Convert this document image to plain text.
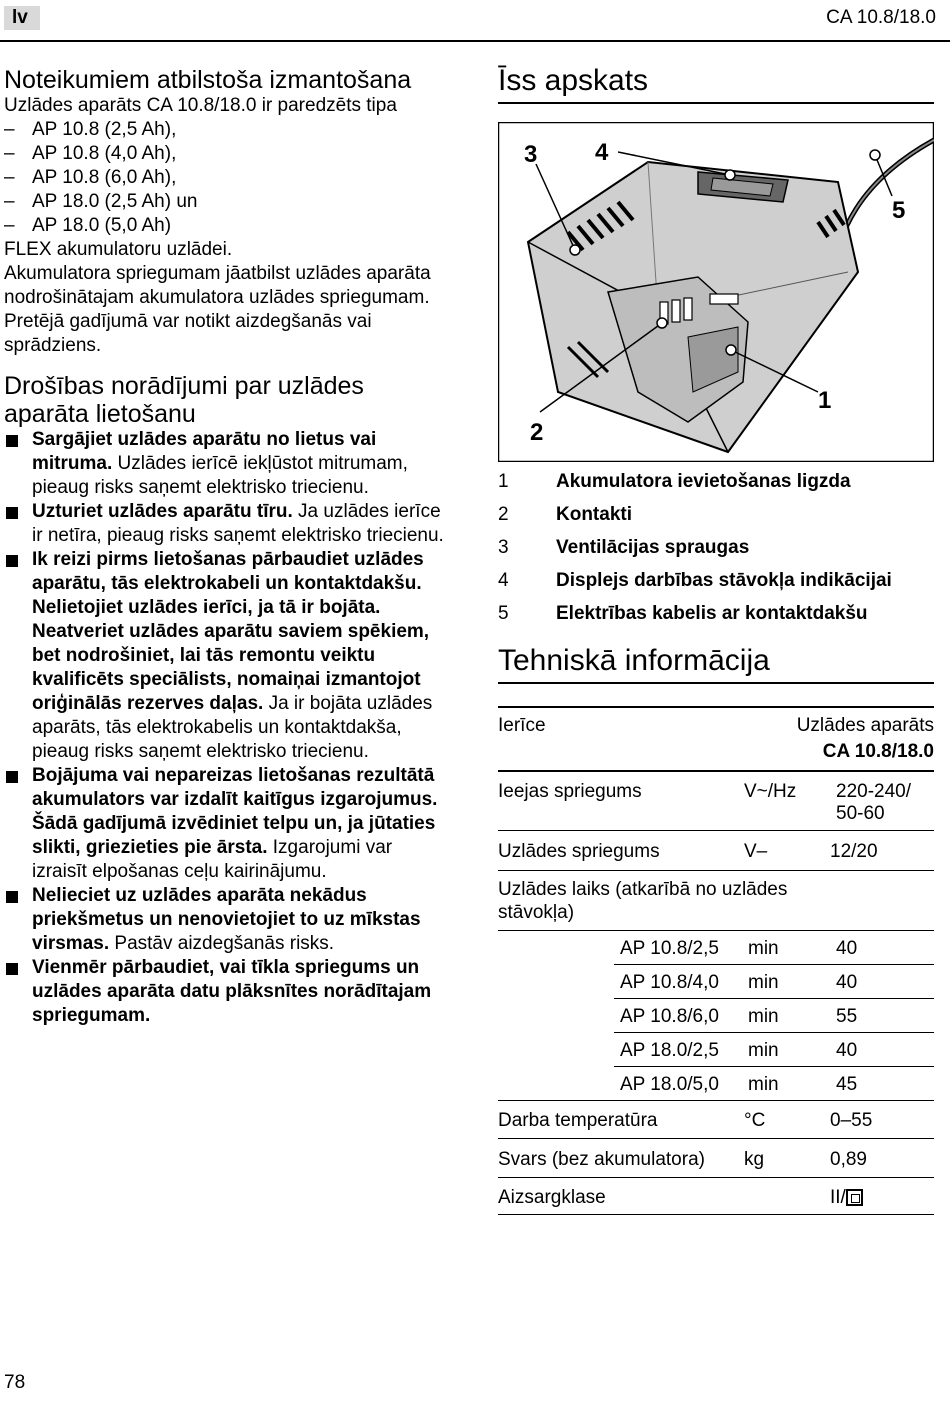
lv	CA 10.8/18.0
Noteikumiem atbilstoša izmantošana

Uzlādes aparāts CA 10.8/18.0 ir paredzēts tipa

– AP 10.8 (2,5 Ah),
– AP 10.8 (4,0 Ah),
– AP 10.8 (6,0 Ah),
– AP 18.0 (2,5 Ah) un
– AP 18.0 (5,0 Ah)

FLEX akumulatoru uzlādei.

Akumulatora spriegumam jāatbilst uzlādes aparāta nodrošinātajam akumulatora uzlādes spriegumam. Pretējā gadījumā var notikt aizdegšanās vai sprādziens.

Drošības norādījumi par uzlādes aparāta lietošanu
Sargājiet uzlādes aparātu no lietus vai mitruma. Uzlādes ierīcē iekļūstot mitrumam, pieaug risks saņemt elektrisko triecienu.
Uzturiet uzlādes aparātu tīru. Ja uzlādes ierīce ir netīra, pieaug risks saņemt elektrisko triecienu.
Ik reizi pirms lietošanas pārbaudiet uzlādes aparātu, tās elektrokabeli un kontaktdakšu. Nelietojiet uzlādes ierīci, ja tā ir bojāta. Neatveriet uzlādes aparātu saviem spēkiem, bet nodrošiniet, lai tās remontu veiktu kvalificēts speciālists, nomaiņai izmantojot oriģinālās rezerves daļas. Ja ir bojāta uzlādes aparāts, tās elektrokabelis un kontaktdakša, pieaug risks saņemt elektrisko triecienu.
Bojājuma vai nepareizas lietošanas rezultātā akumulators var izdalīt kaitīgus izgarojumus. Šādā gadījumā izvēdiniet telpu un, ja jūtaties slikti, griezieties pie ārsta. Izgarojumi var izraisīt elpošanas ceļu kairinājumu.
Nelieciet uz uzlādes aparāta nekādus priekšmetus un nenovietojiet to uz mīkstas virsmas. Pastāv aizdegšanās risks.
Vienmēr pārbaudiet, vai tīkla spriegums un uzlādes aparāta datu plāksnītes norādītajam spriegumam.
Īss apskats
3 4
5
1
2
1 Akumulatora ievietošanas ligzda
2 Kontakti
3 Ventilācijas spraugas
4 Displejs darbības stāvokļa indikācijai
5 Elektrības kabelis ar kontaktdakšu
Tehniskā informācija
Ierīce	Uzlādes aparāts
CA 10.8/18.0
Ieejas spriegums	V~/Hz 220-240/
50-60
Uzlādes spriegums	V–	12/20
Uzlādes laiks (atkarībā no uzlādes
stāvokļa)
AP 10.8/2,5 min	40
AP 10.8/4,0 min	40
AP 10.8/6,0 min	55
AP 18.0/2,5 min	40
AP 18.0/5,0 min	45
Darba temperatūra	°C	0–55
Svars (bez akumulatora) kg	0,89
Aizsargklase	II/
78
